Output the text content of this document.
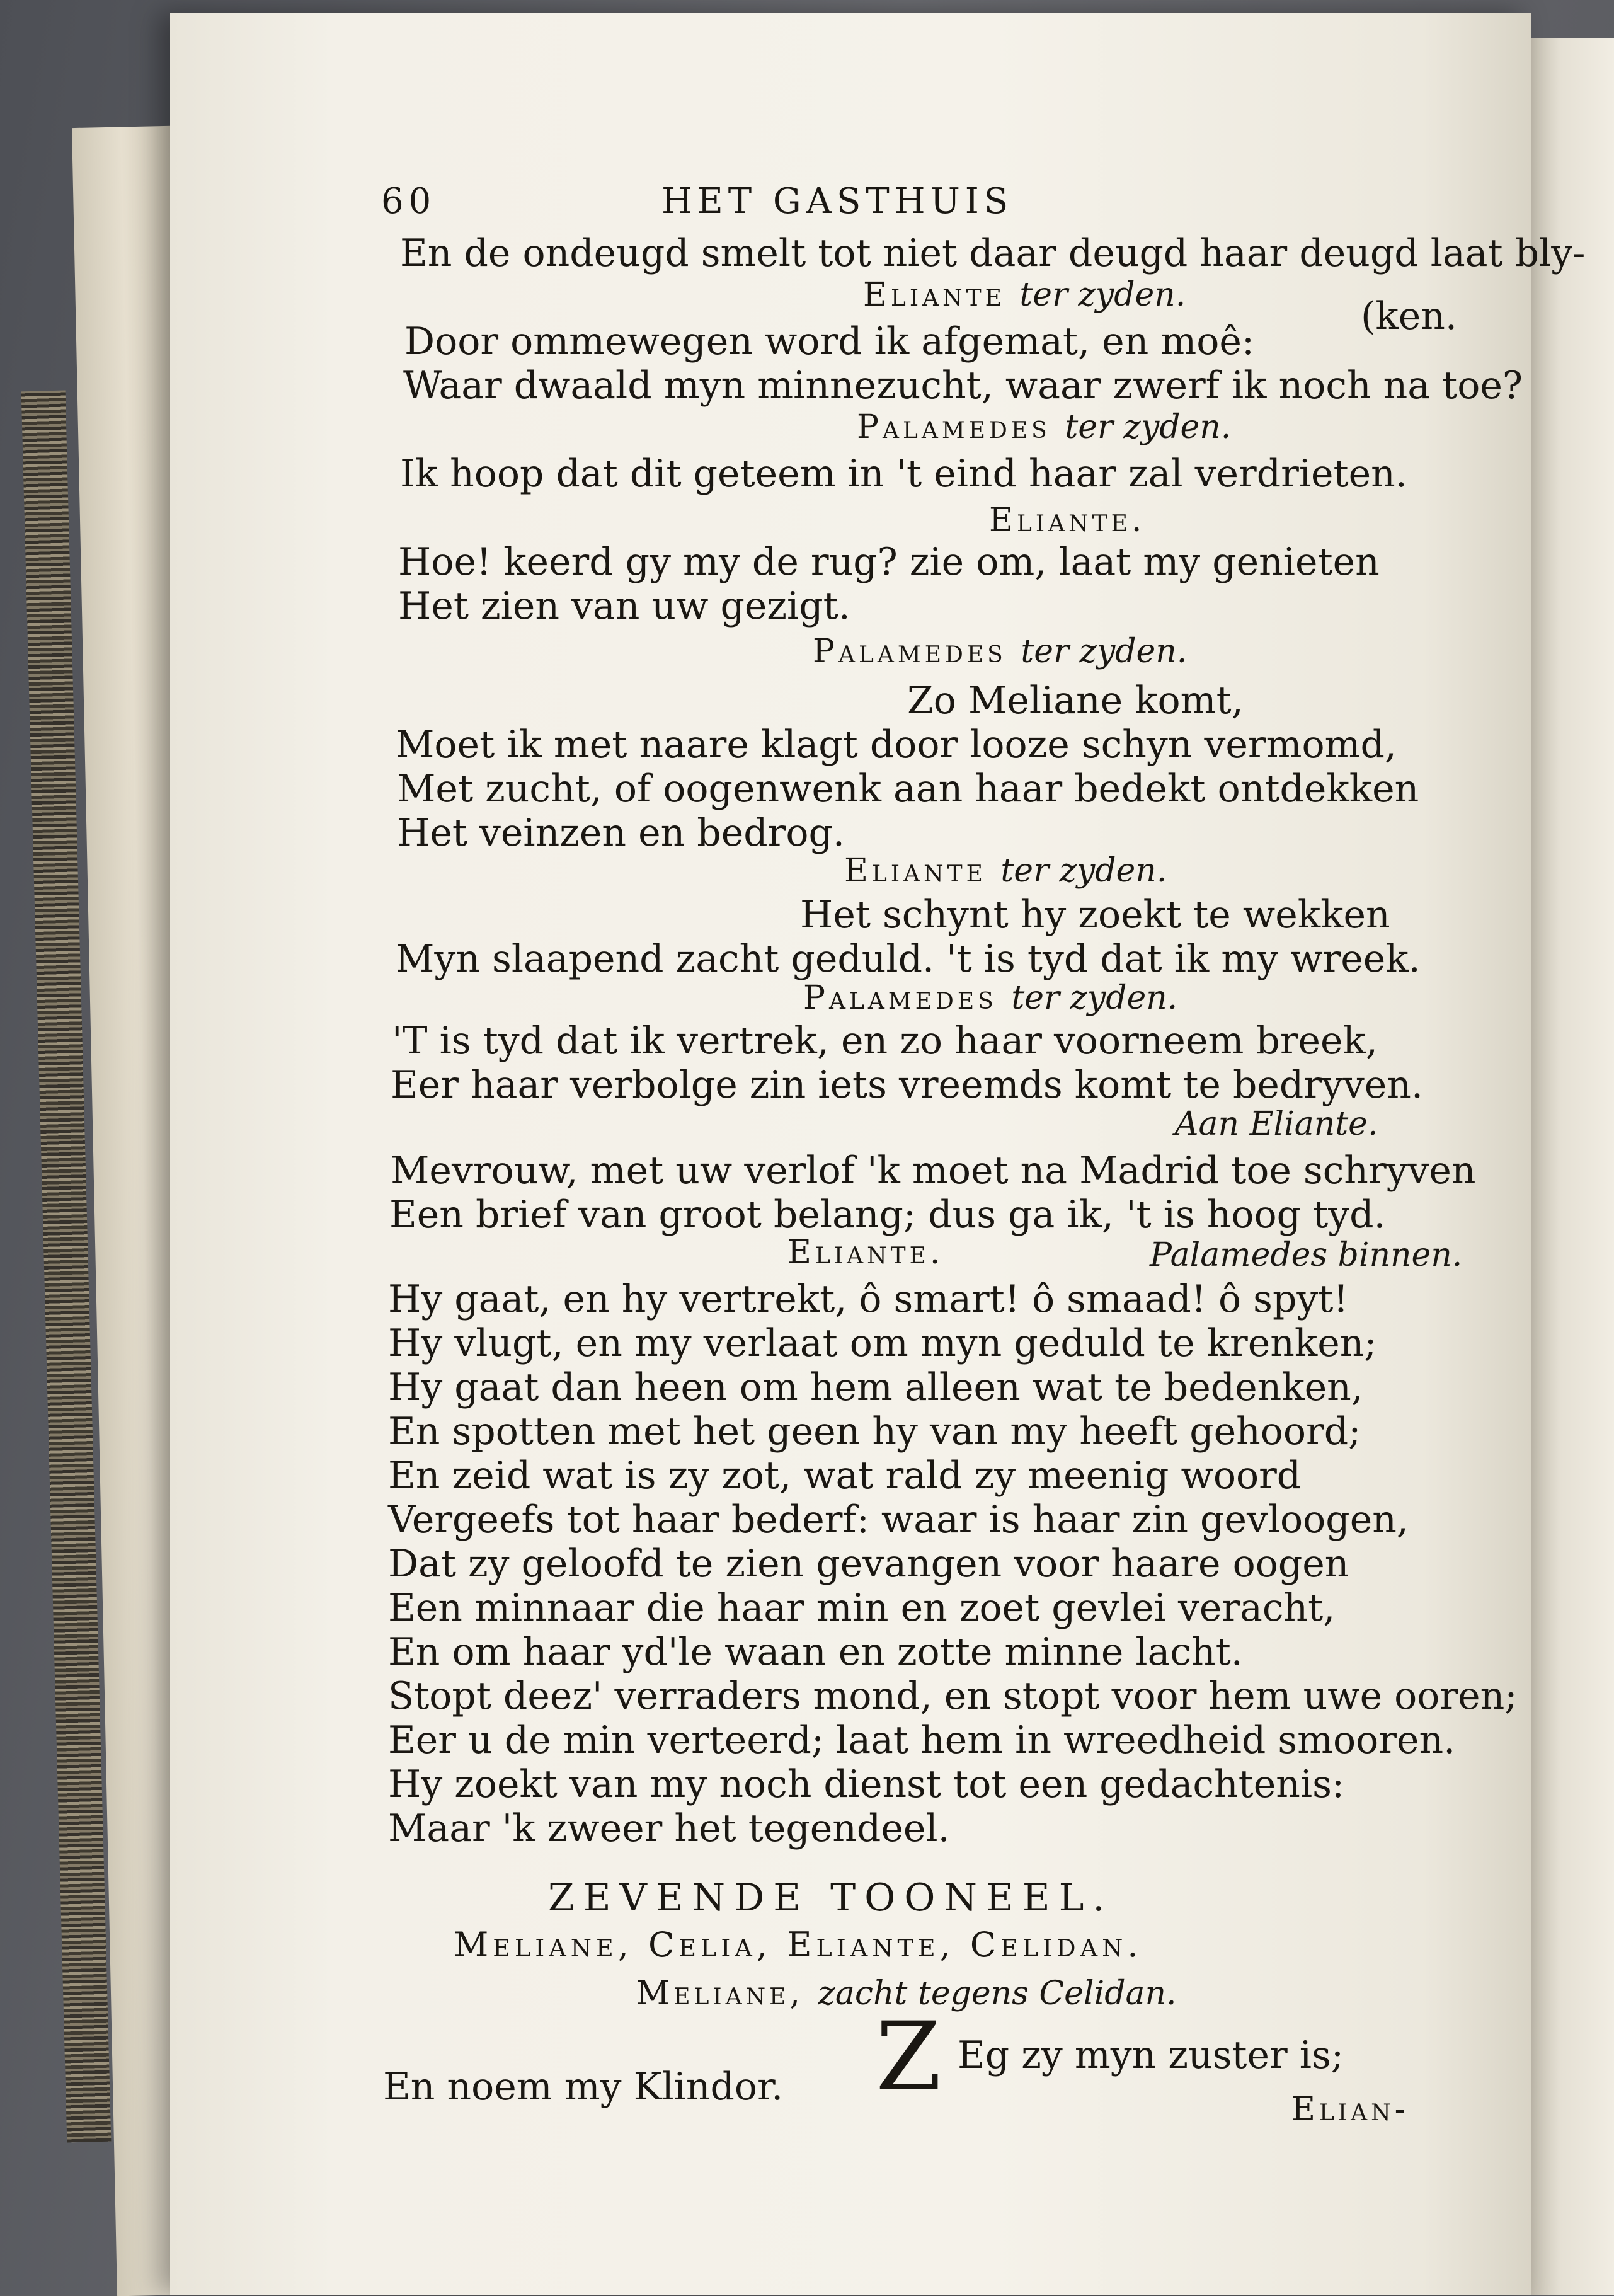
60	HET GASTHUIS

En de ondeugd smelt tot niet daar deugd haar deugd laat bly-

Eliante ter zyden.	(ken.

Door ommewegen word ik afgemat, en moê:

Waar dwaald myn minnezucht, waar zwerf ik noch na toe?

Palamedes ter zyden.

Ik hoop dat dit geteem in 't eind haar zal verdrieten.

Eliante.

Hoe! keerd gy my de rug? zie om, laat my genieten

Het zien van uw gezigt.

Palamedes ter zyden.

Zo Meliane komt,

Moet ik met naare klagt door looze schyn vermomd,

Met zucht, of oogenwenk aan haar bedekt ontdekken

Het veinzen en bedrog.

Eliante ter zyden.

Het schynt hy zoekt te wekken

Myn slaapend zacht geduld. 't is tyd dat ik my wreek.

Palamedes ter zyden.

'T is tyd dat ik vertrek, en zo haar voorneem breek,

Eer haar verbolge zin iets vreemds komt te bedryven.

Aan Eliante.

Mevrouw, met uw verlof 'k moet na Madrid toe schryven

Een brief van groot belang; dus ga ik, 't is hoog tyd.

Eliante.	Palamedes binnen.

Hy gaat, en hy vertrekt, ô smart! ô smaad! ô spyt!

Hy vlugt, en my verlaat om myn geduld te krenken;

Hy gaat dan heen om hem alleen wat te bedenken,

En spotten met het geen hy van my heeft gehoord;

En zeid wat is zy zot, wat rald zy meenig woord

Vergeefs tot haar bederf: waar is haar zin gevloogen,

Dat zy geloofd te zien gevangen voor haare oogen

Een minnaar die haar min en zoet gevlei veracht,

En om haar yd'le waan en zotte minne lacht.

Stopt deez' verraders mond, en stopt voor hem uwe ooren;

Eer u de min verteerd; laat hem in wreedheid smooren.

Hy zoekt van my noch dienst tot een gedachtenis:

Maar 'k zweer het tegendeel.

ZEVENDE TOONEEL.

Meliane, Celia, Eliante, Celidan.

Meliane, zacht tegens Celidan.

Z Eg zy myn zuster is;

En noem my Klindor.

Elian-
